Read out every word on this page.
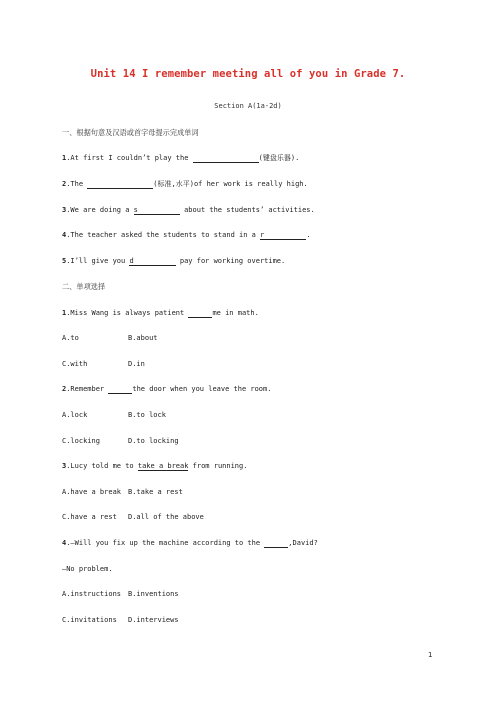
Unit 14 I remember meeting all of you in Grade 7.
Section A(1a-2d)
一、根据句意及汉语或首字母提示完成单词
1.At first I couldn’t play the	(键盘乐器).
2.The	(标准,水平)of her work is really high.
3.We are doing a s	about the students’ activities.
4.The teacher asked the students to stand in a r	.
5.I’ll give you d	pay for working overtime.
二、单项选择
1.Miss Wang is always patient	me in math.
A.to	B.about
C.with	D.in
2.Remember	the door when you leave the room.
A.lock	B.to lock
C.locking	D.to locking
3.Lucy told me to take a break from running.
A.have a break B.take a rest
C.have a rest D.all of the above
4.—Will you fix up the machine according to the	,David?
—No problem.
A.instructions B.inventions
C.invitations D.interviews
1
